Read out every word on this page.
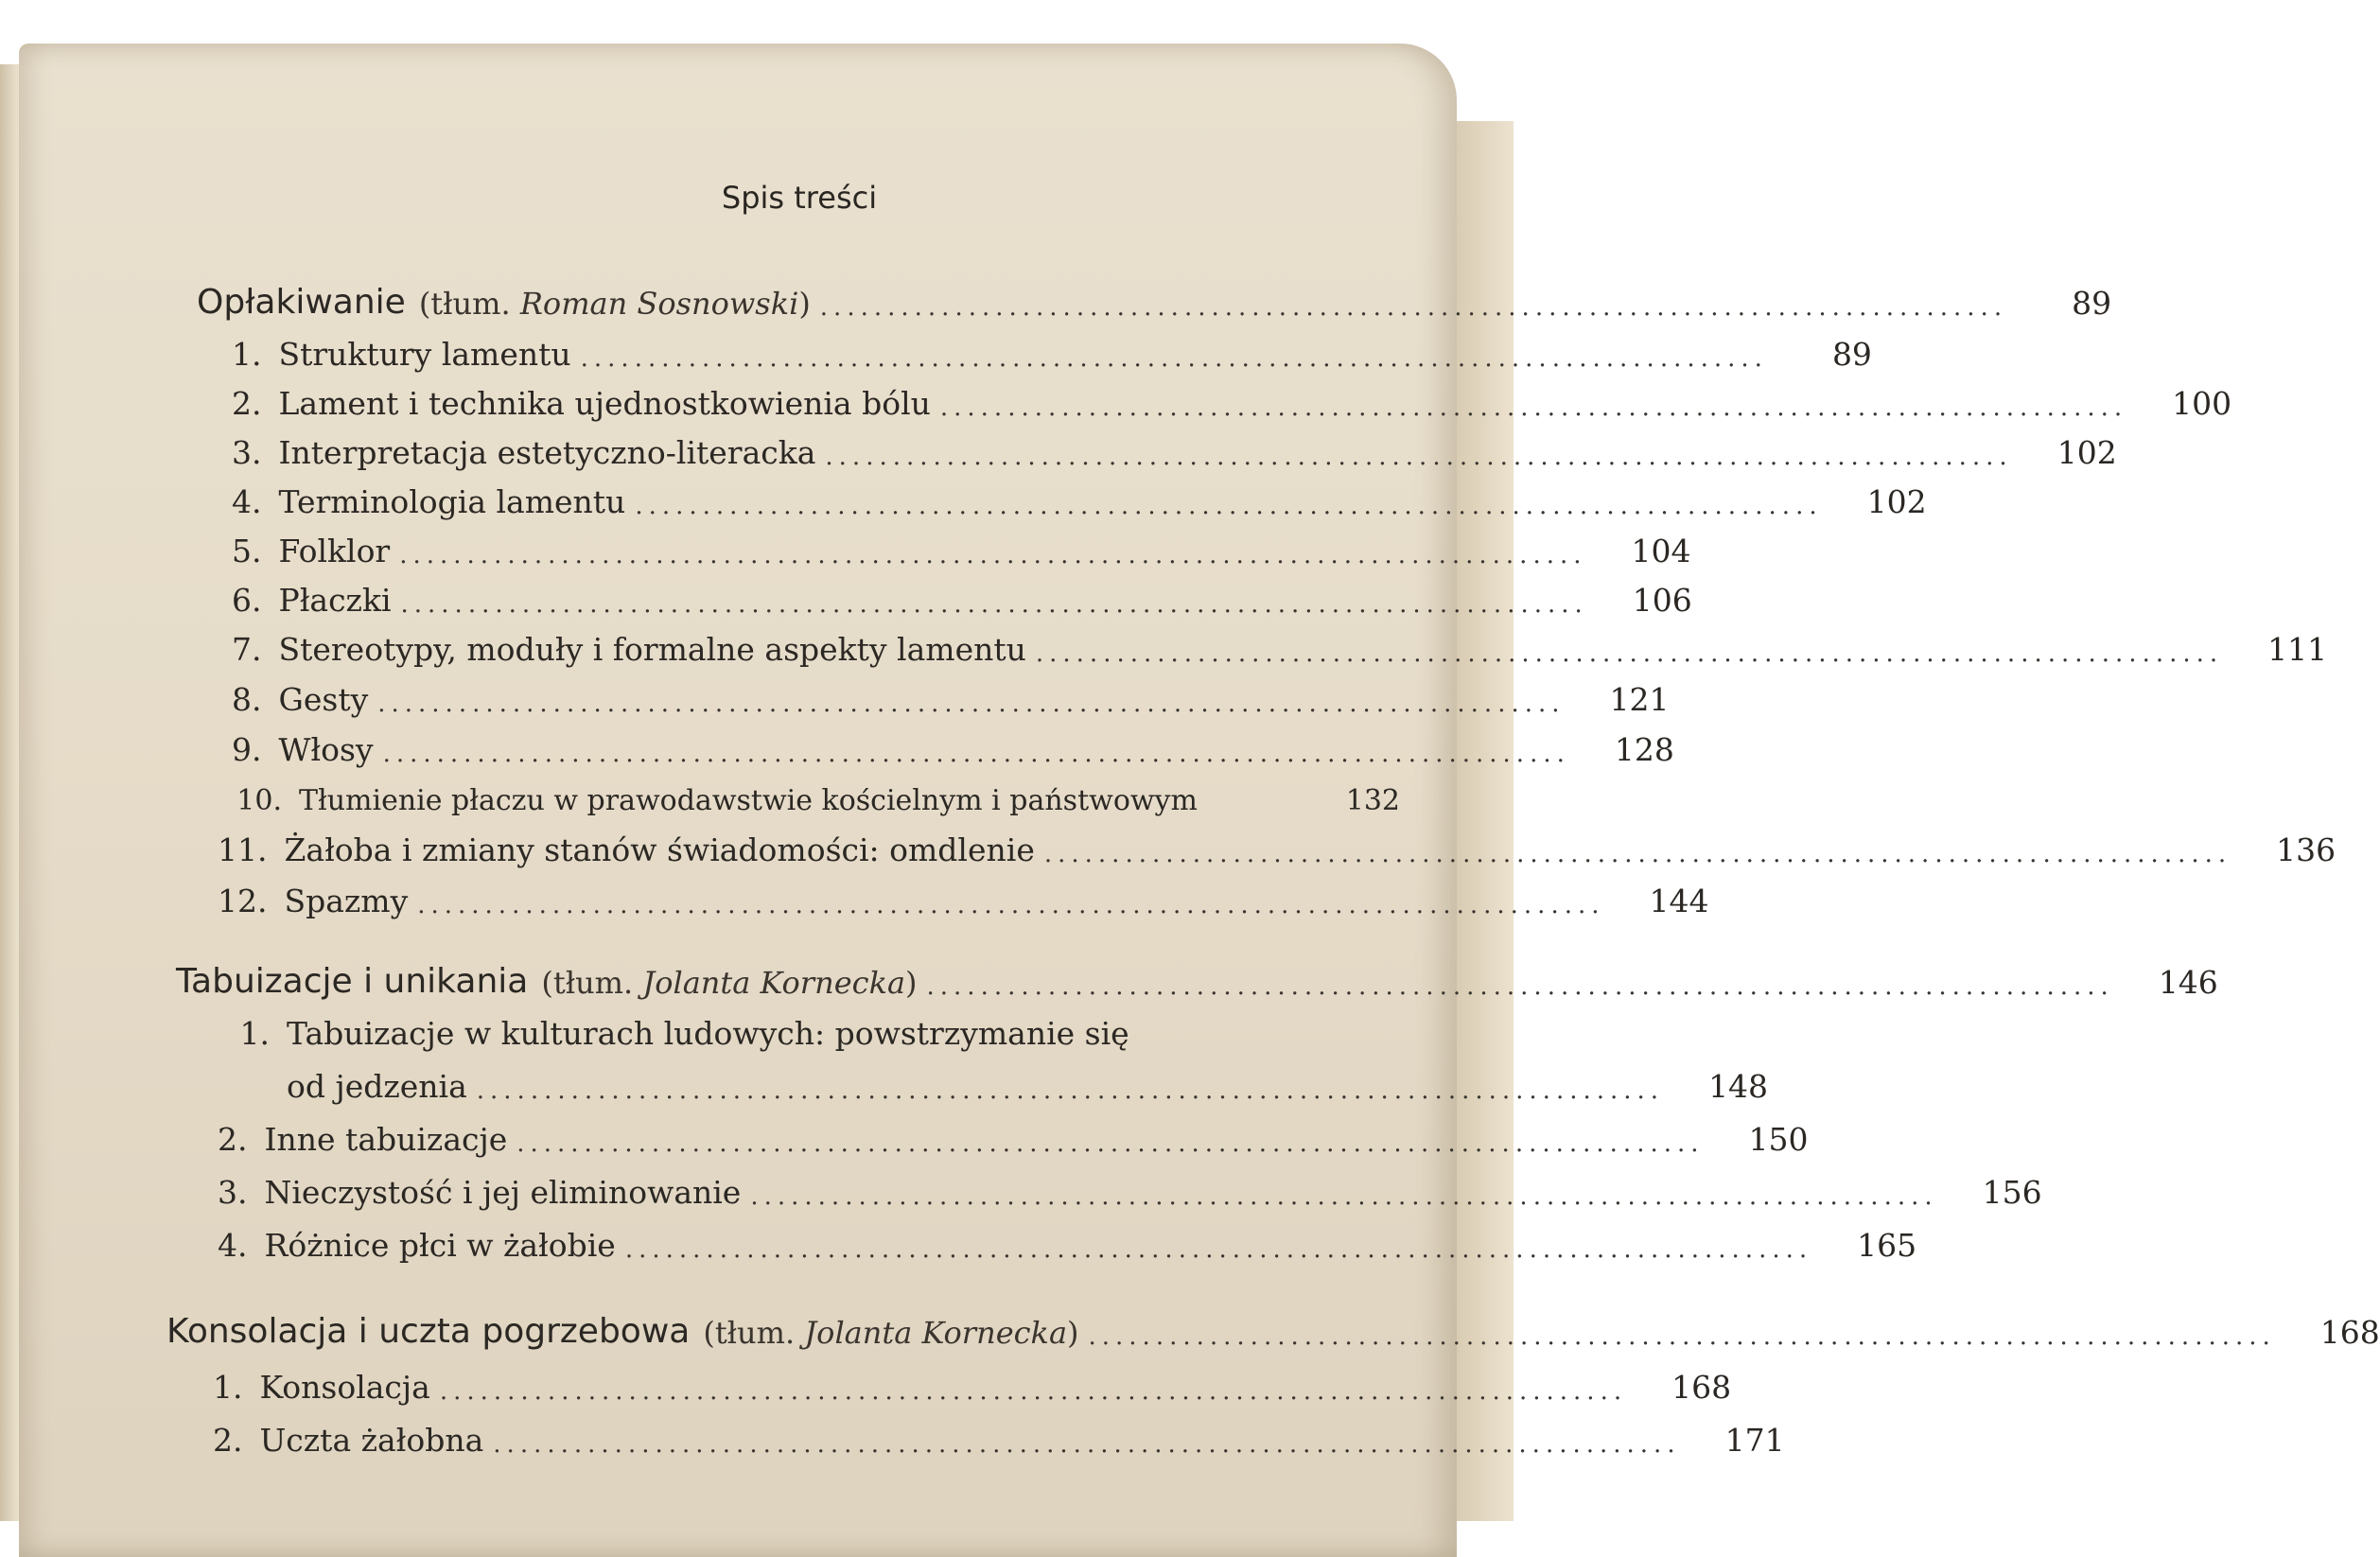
Spis treści
Opłakiwanie (tłum. Roman Sosnowski) ........................................................................................	89
1. Struktury lamentu ........................................................................................	89
2. Lament i technika ujednostkowienia bólu ........................................................................................	100
3. Interpretacja estetyczno-literacka ........................................................................................	102
4. Terminologia lamentu ........................................................................................	102
5. Folklor ........................................................................................	104
6. Płaczki ........................................................................................	106
7. Stereotypy, moduły i formalne aspekty lamentu ........................................................................................	111
8. Gesty ........................................................................................	121
9. Włosy ........................................................................................	128
10. Tłumienie płaczu w prawodawstwie kościelnym i państwowym	132
11. Żałoba i zmiany stanów świadomości: omdlenie ........................................................................................	136
12. Spazmy ........................................................................................	144
Tabuizacje i unikania (tłum. Jolanta Kornecka) ........................................................................................	146
1. Tabuizacje w kulturach ludowych: powstrzymanie się
od jedzenia ........................................................................................	148
2. Inne tabuizacje ........................................................................................	150
3. Nieczystość i jej eliminowanie ........................................................................................	156
4. Różnice płci w żałobie ........................................................................................	165
Konsolacja i uczta pogrzebowa (tłum. Jolanta Kornecka) ........................................................................................	168
1. Konsolacja ........................................................................................	168
2. Uczta żałobna ........................................................................................	171
